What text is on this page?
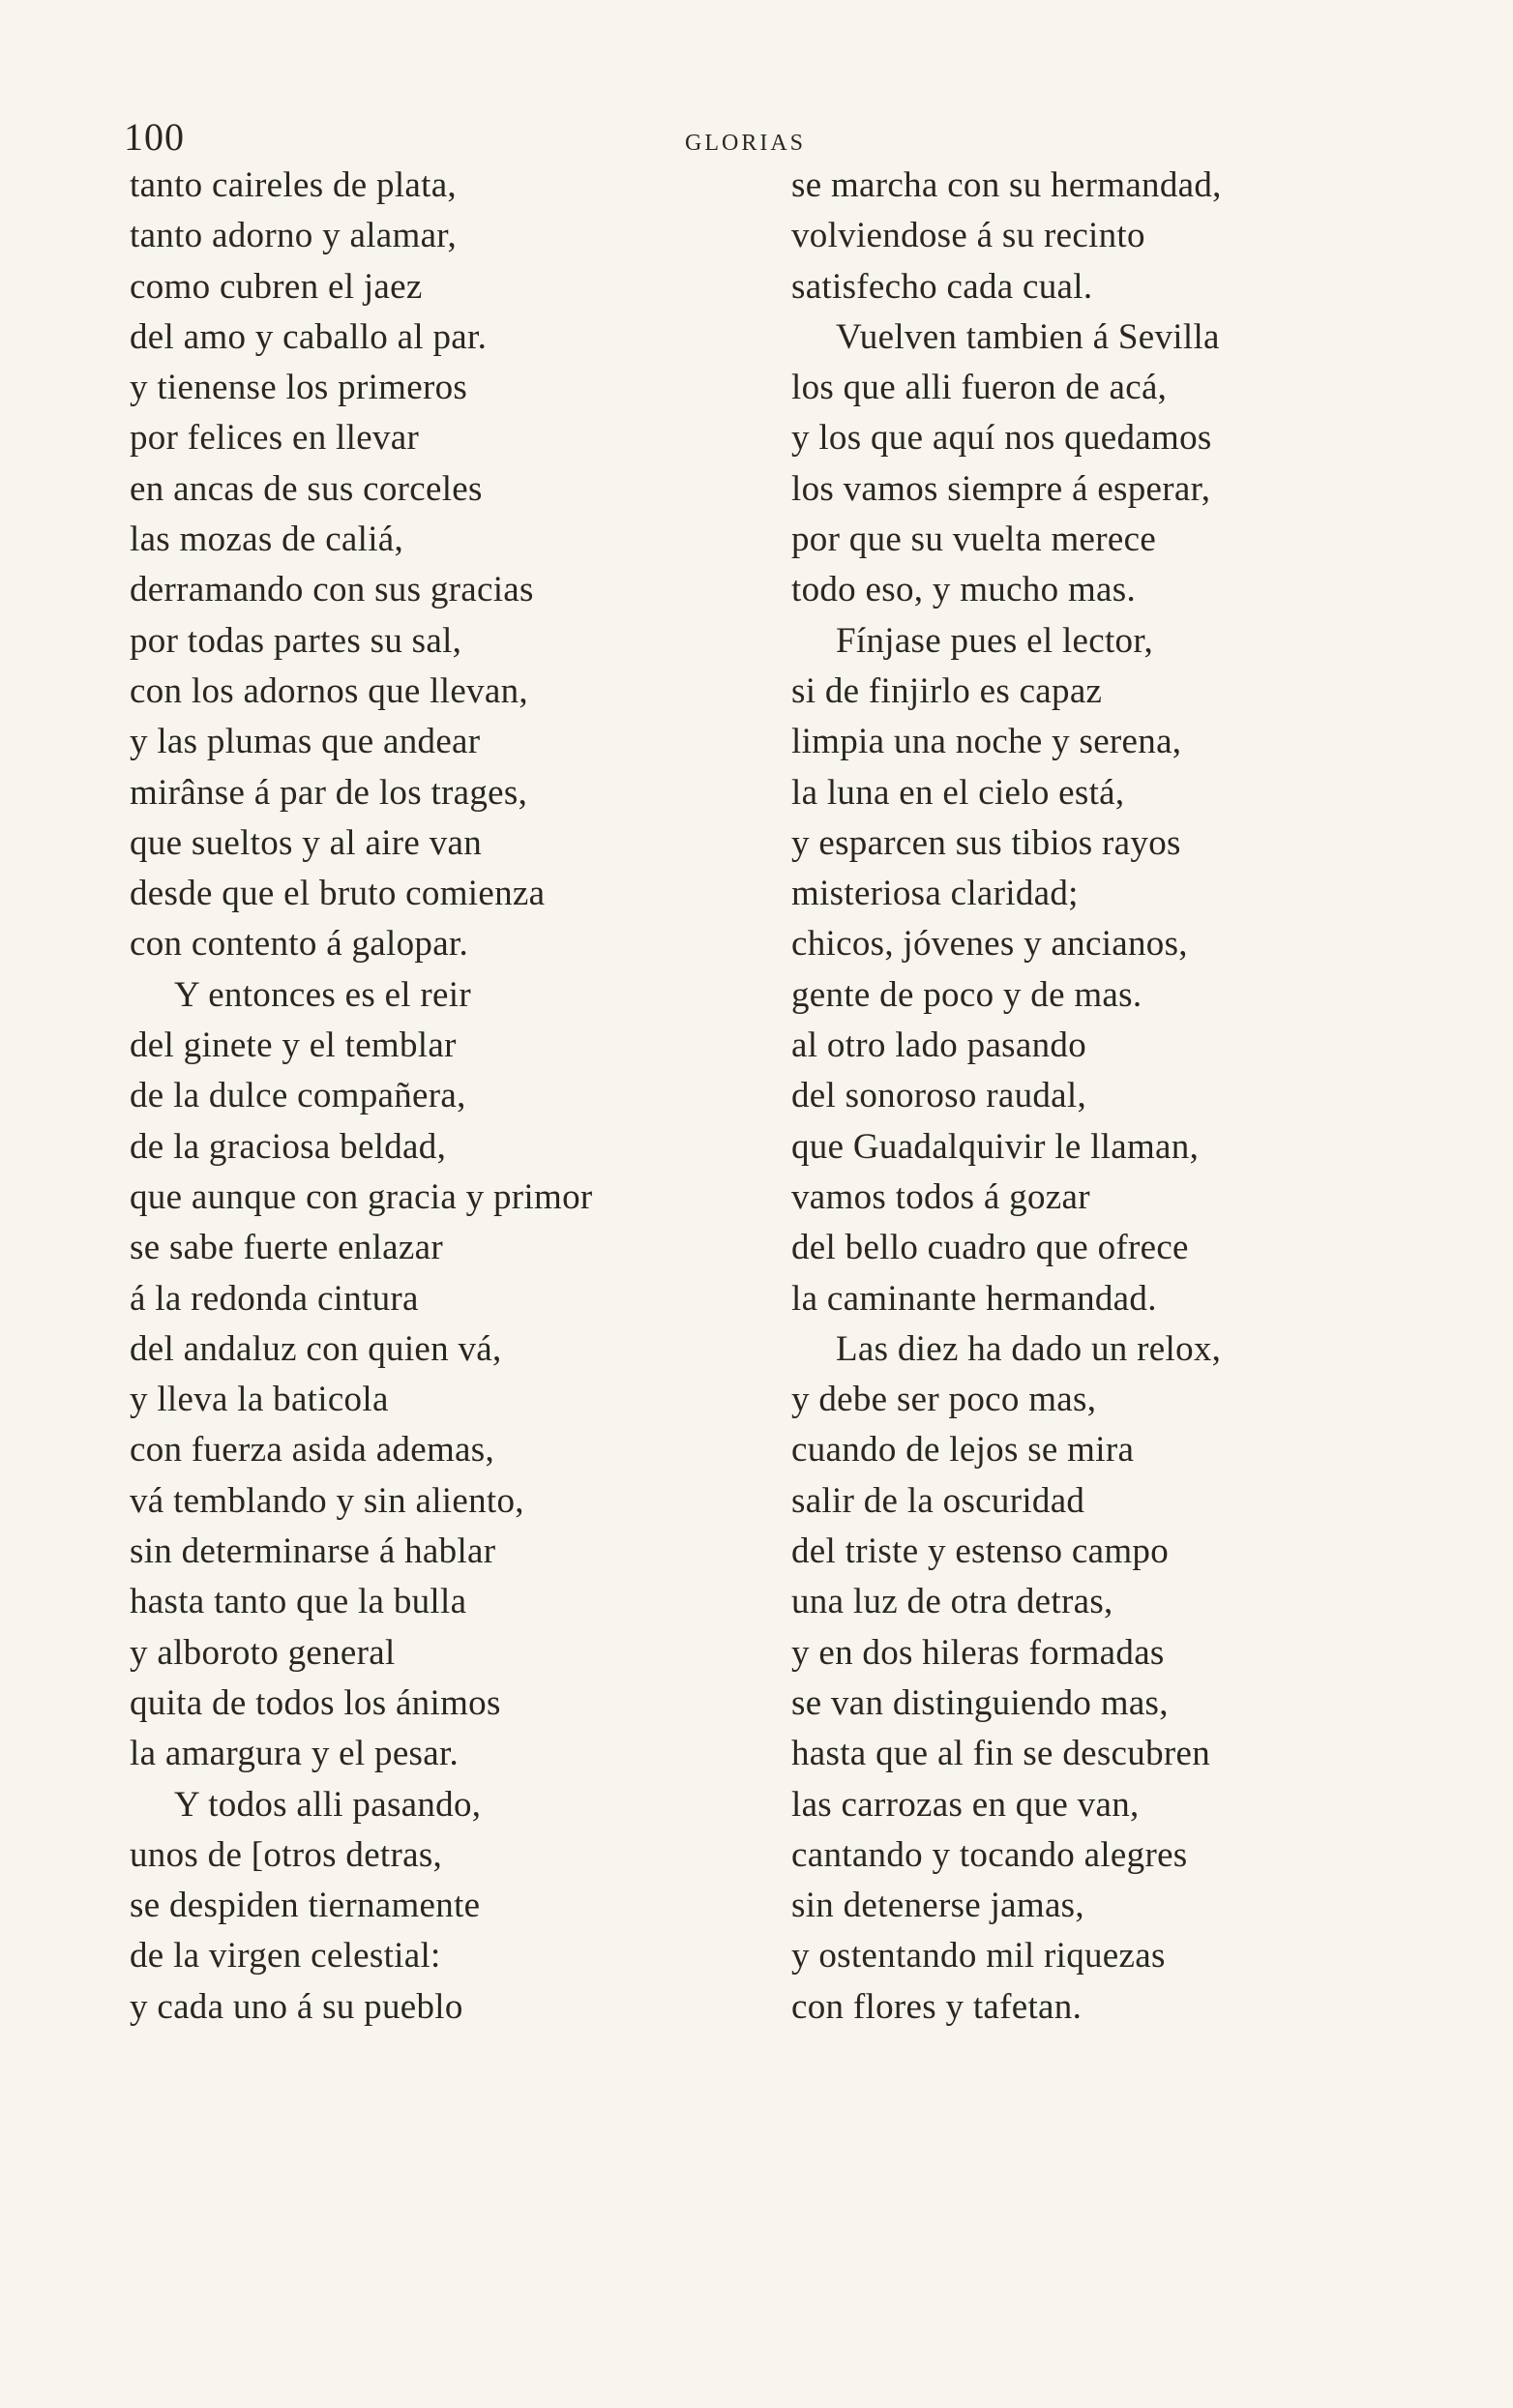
100	GLORIAS
tanto caireles de plata,
tanto adorno y alamar,
como cubren el jaez
del amo y caballo al par.
y tienense los primeros
por felices en llevar
en ancas de sus corceles
las mozas de caliá,
derramando con sus gracias
por todas partes su sal,
con los adornos que llevan,
y las plumas que andear
mirânse á par de los trages,
que sueltos y al aire van
desde que el bruto comienza
con contento á galopar.
Y entonces es el reir
del ginete y el temblar
de la dulce compañera,
de la graciosa beldad,
que aunque con gracia y primor
se sabe fuerte enlazar
á la redonda cintura
del andaluz con quien vá,
y lleva la baticola
con fuerza asida ademas,
vá temblando y sin aliento,
sin determinarse á hablar
hasta tanto que la bulla
y alboroto general
quita de todos los ánimos
la amargura y el pesar.
Y todos alli pasando,
unos de [otros detras,
se despiden tiernamente
de la virgen celestial:
y cada uno á su pueblo
se marcha con su hermandad,
volviendose á su recinto
satisfecho cada cual.
Vuelven tambien á Sevilla
los que alli fueron de acá,
y los que aquí nos quedamos
los vamos siempre á esperar,
por que su vuelta merece
todo eso, y mucho mas.
Fínjase pues el lector,
si de finjirlo es capaz
limpia una noche y serena,
la luna en el cielo está,
y esparcen sus tibios rayos
misteriosa claridad;
chicos, jóvenes y ancianos,
gente de poco y de mas.
al otro lado pasando
del sonoroso raudal,
que Guadalquivir le llaman,
vamos todos á gozar
del bello cuadro que ofrece
la caminante hermandad.
Las diez ha dado un relox,
y debe ser poco mas,
cuando de lejos se mira
salir de la oscuridad
del triste y estenso campo
una luz de otra detras,
y en dos hileras formadas
se van distinguiendo mas,
hasta que al fin se descubren
las carrozas en que van,
cantando y tocando alegres
sin detenerse jamas,
y ostentando mil riquezas
con flores y tafetan.
